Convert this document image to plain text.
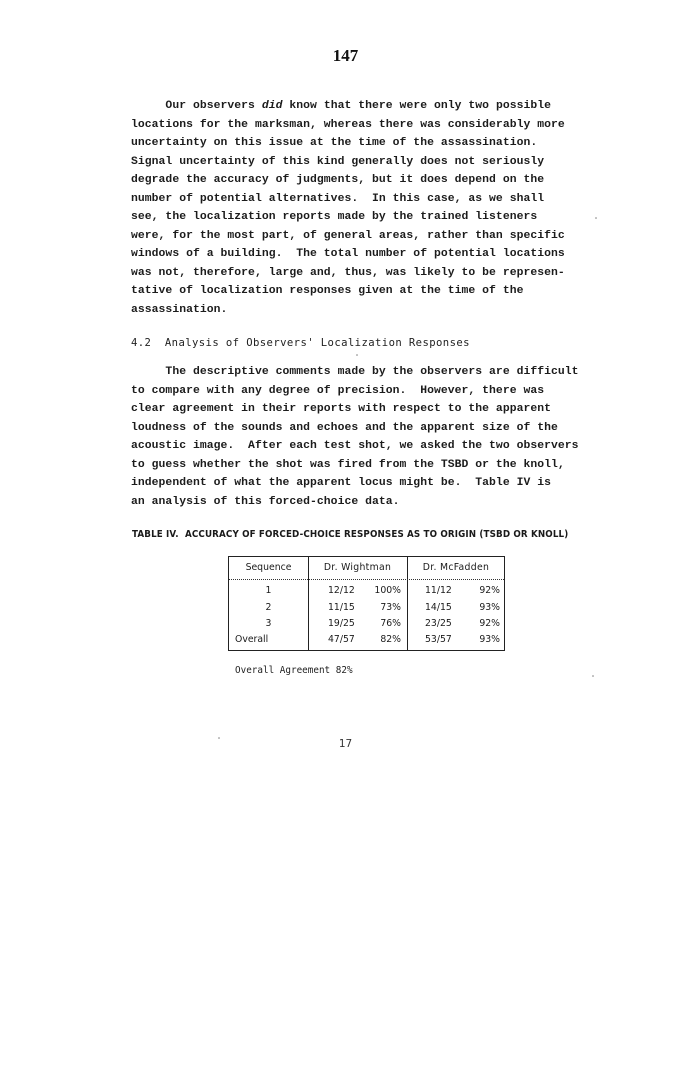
147
Our observers did know that there were only two possible
locations for the marksman, whereas there was considerably more
uncertainty on this issue at the time of the assassination.
Signal uncertainty of this kind generally does not seriously
degrade the accuracy of judgments, but it does depend on the
number of potential alternatives.  In this case, as we shall
see, the localization reports made by the trained listeners
were, for the most part, of general areas, rather than specific
windows of a building.  The total number of potential locations
was not, therefore, large and, thus, was likely to be represen-
tative of localization responses given at the time of the
assassination.
4.2  Analysis of Observers' Localization Responses
The descriptive comments made by the observers are difficult
to compare with any degree of precision.  However, there was
clear agreement in their reports with respect to the apparent
loudness of the sounds and echoes and the apparent size of the
acoustic image.  After each test shot, we asked the two observers
to guess whether the shot was fired from the TSBD or the knoll,
independent of what the apparent locus might be.  Table IV is
an analysis of this forced-choice data.
TABLE IV.  ACCURACY OF FORCED-CHOICE RESPONSES AS TO ORIGIN (TSBD OR KNOLL)
Sequence	Dr. Wightman	Dr. McFadden
1	12/12	100%	11/12	92%
2	11/15	73%	14/15	93%
3	19/25	76%	23/25	92%
Overall	47/57	82%	53/57	93%
Overall Agreement 82%
17
